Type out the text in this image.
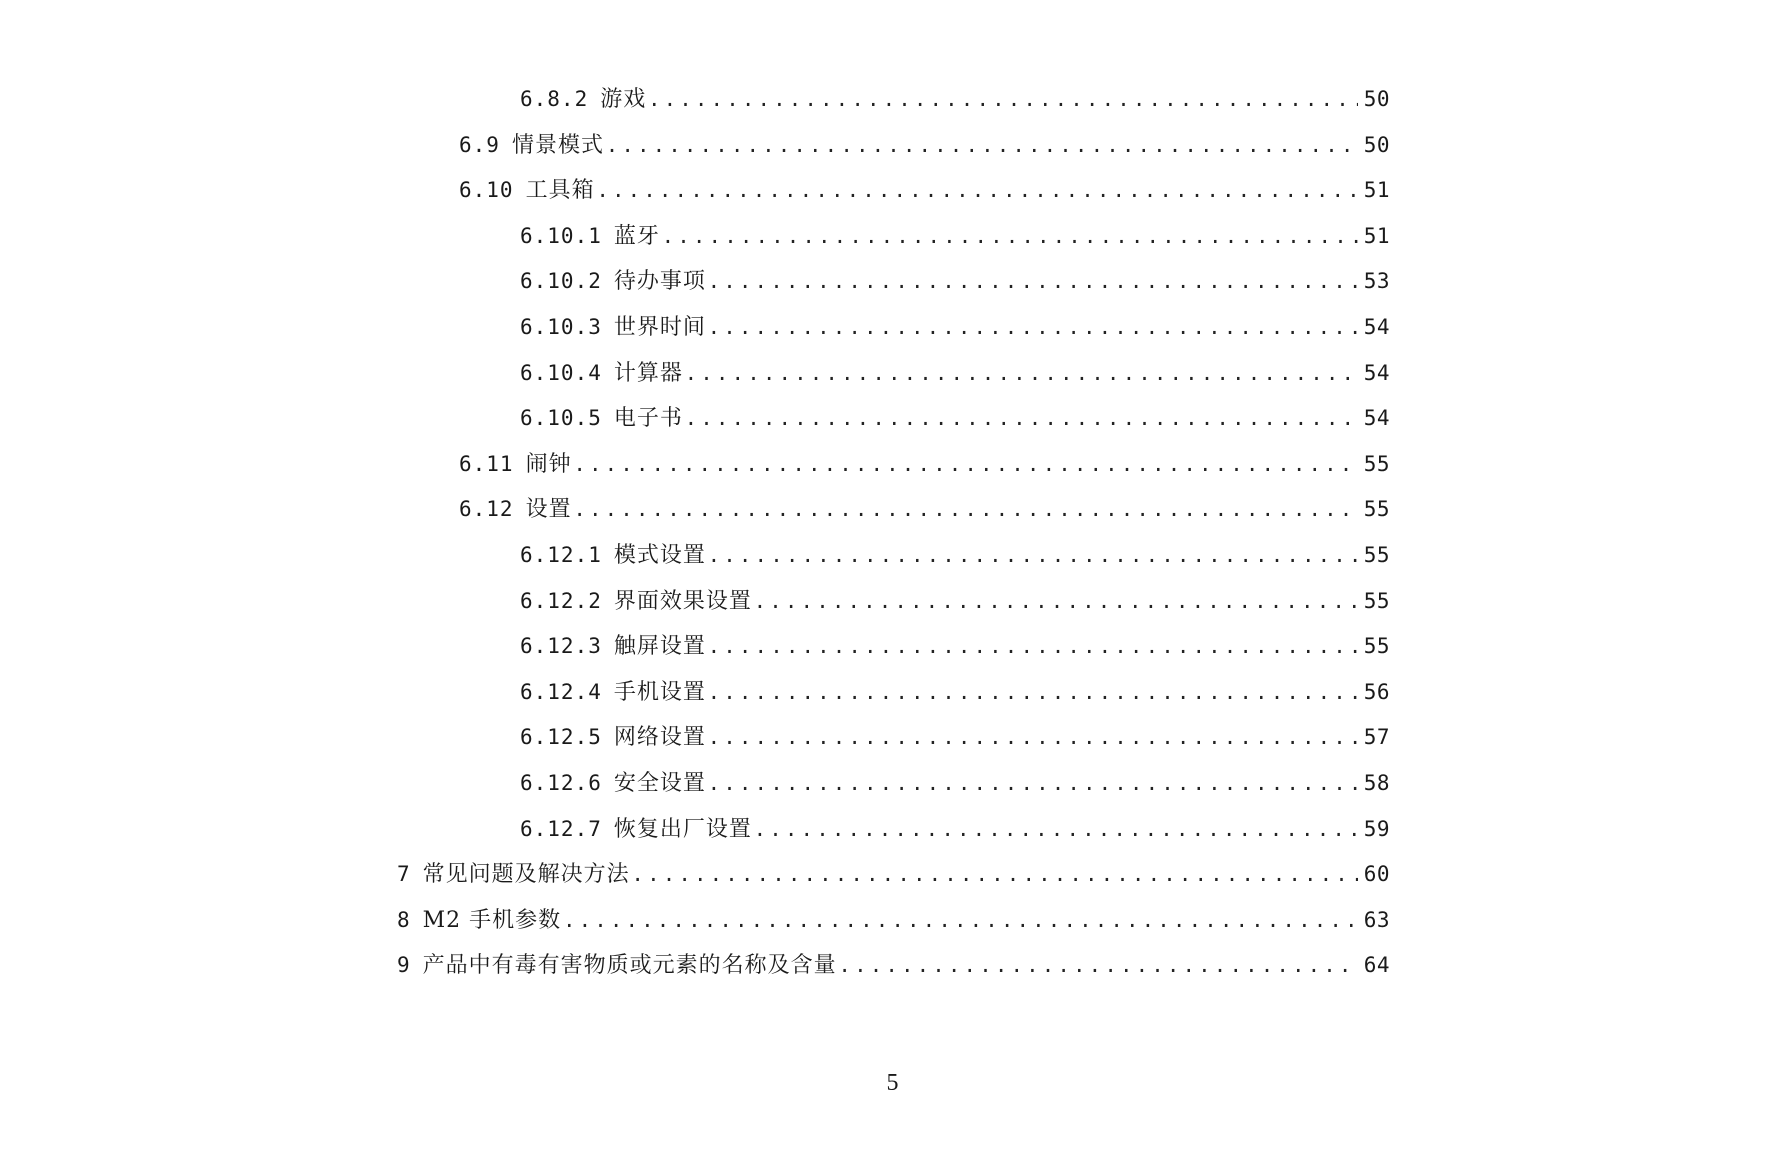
6.8.2 游戏 .....	50
6.9 情景模式 .....	50
6.10 工具箱 .....	51
6.10.1 蓝牙 .....	51
6.10.2 待办事项 .....	53
6.10.3 世界时间 .....	54
6.10.4 计算器 .....	54
6.10.5 电子书 .....	54
6.11 闹钟 .....	55
6.12 设置 .....	55
6.12.1 模式设置 .....	55
6.12.2 界面效果设置 .....	55
6.12.3 触屏设置 .....	55
6.12.4 手机设置 .....	56
6.12.5 网络设置 .....	57
6.12.6 安全设置 .....	58
6.12.7 恢复出厂设置 .....	59
7 常见问题及解决方法 .....	60
8 M2 手机参数 .....	63
9 产品中有毒有害物质或元素的名称及含量 .....	64
5
